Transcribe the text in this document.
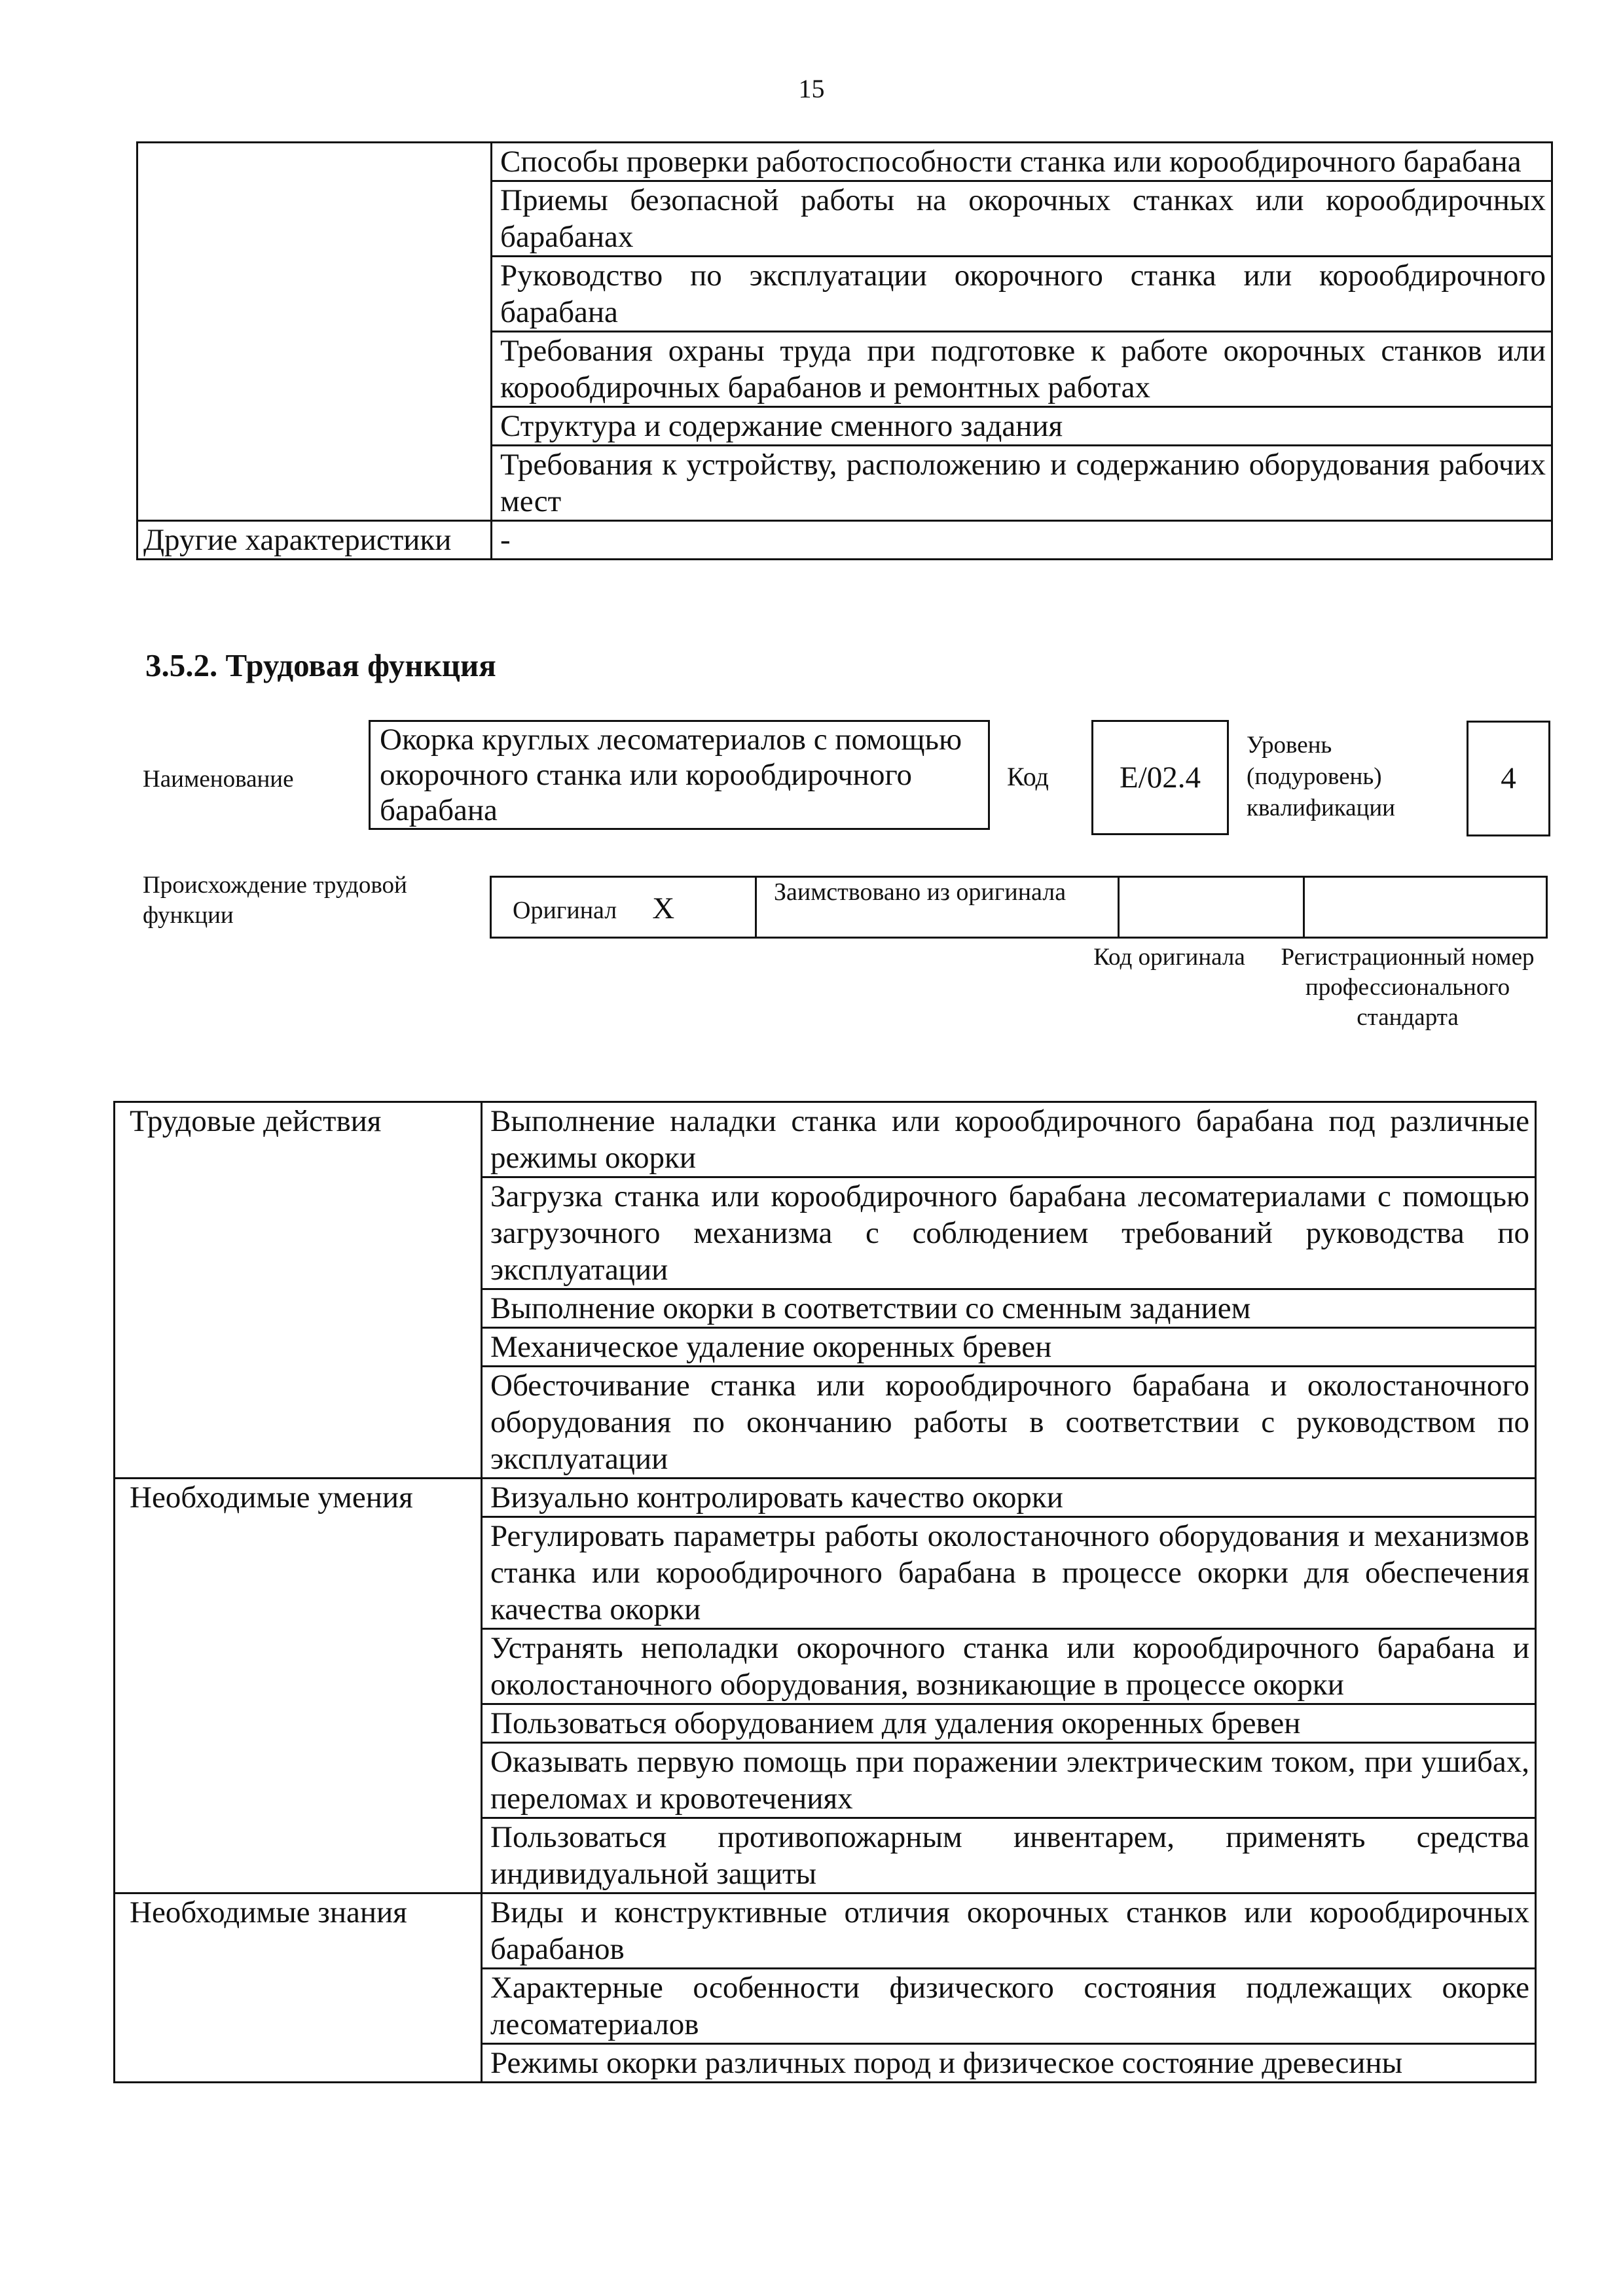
15
	Способы проверки работоспособности станка или корообдирочного барабана
	Приемы безопасной работы на окорочных станках или корообдирочных барабанах
	Руководство по эксплуатации окорочного станка или корообдирочного барабана
	Требования охраны труда при подготовке к работе окорочных станков или корообдирочных барабанов и ремонтных работах
	Структура и содержание сменного задания
	Требования к устройству, расположению и содержанию оборудования рабочих мест
Другие характеристики	-
3.5.2. Трудовая функция
Наименование
Окорка круглых лесоматериалов с помощью окорочного станка или корообдирочного барабана
Код	E/02.4
Уровень (подуровень) квалификации
4
Происхождение трудовой функции	Оригинал X	Заимствовано из оригинала

Код оригинала	Регистрационный номер профессионального стандарта
Трудовые действия	Выполнение наладки станка или корообдирочного барабана под различные режимы окорки
	Загрузка станка или корообдирочного барабана лесоматериалами с помощью загрузочного механизма с соблюдением требований руководства по эксплуатации
	Выполнение окорки в соответствии со сменным заданием
	Механическое удаление окоренных бревен
	Обесточивание станка или корообдирочного барабана и околостаночного оборудования по окончанию работы в соответствии с руководством по эксплуатации
Необходимые умения	Визуально контролировать качество окорки
	Регулировать параметры работы околостаночного оборудования и механизмов станка или корообдирочного барабана в процессе окорки для обеспечения качества окорки
	Устранять неполадки окорочного станка или корообдирочного барабана и околостаночного оборудования, возникающие в процессе окорки
	Пользоваться оборудованием для удаления окоренных бревен
	Оказывать первую помощь при поражении электрическим током, при ушибах, переломах и кровотечениях
	Пользоваться противопожарным инвентарем, применять средства индивидуальной защиты
Необходимые знания	Виды и конструктивные отличия окорочных станков или корообдирочных барабанов
	Характерные особенности физического состояния подлежащих окорке лесоматериалов
	Режимы окорки различных пород и физическое состояние древесины
